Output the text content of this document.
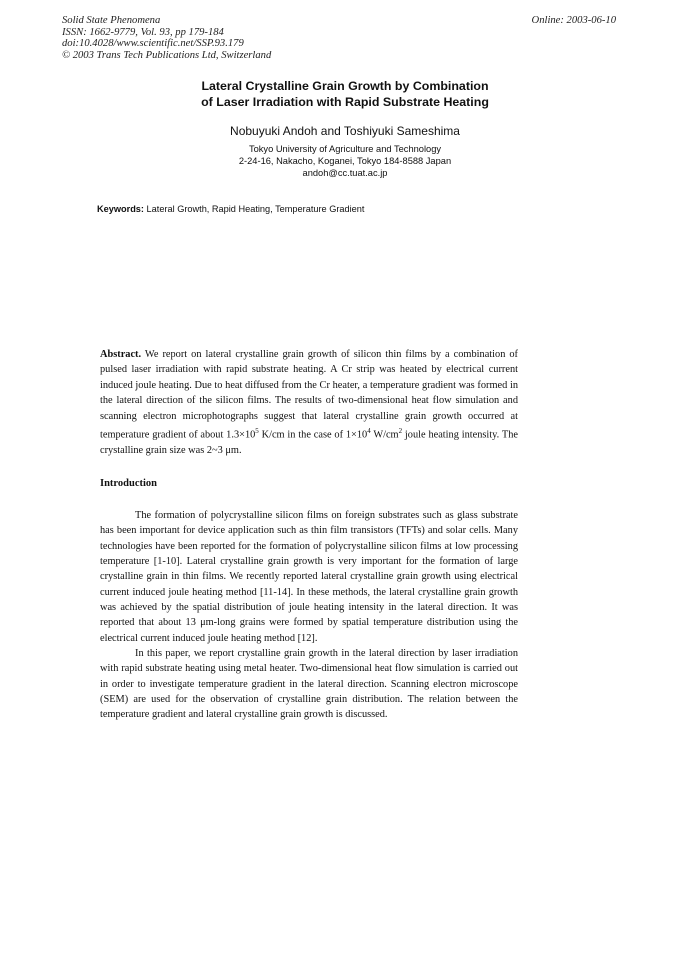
Solid State Phenomena
ISSN: 1662-9779, Vol. 93, pp 179-184
doi:10.4028/www.scientific.net/SSP.93.179
© 2003 Trans Tech Publications Ltd, Switzerland
Online: 2003-06-10
Lateral Crystalline Grain Growth by Combination
of Laser Irradiation with Rapid Substrate Heating
Nobuyuki Andoh and Toshiyuki Sameshima
Tokyo University of Agriculture and Technology
2-24-16, Nakacho, Koganei, Tokyo 184-8588 Japan
andoh@cc.tuat.ac.jp
Keywords: Lateral Growth, Rapid Heating, Temperature Gradient
Abstract. We report on lateral crystalline grain growth of silicon thin films by a combination of pulsed laser irradiation with rapid substrate heating. A Cr strip was heated by electrical current induced joule heating. Due to heat diffused from the Cr heater, a temperature gradient was formed in the lateral direction of the silicon films. The results of two-dimensional heat flow simulation and scanning electron microphotographs suggest that lateral crystalline grain growth occurred at temperature gradient of about $1.3\times 10^5$ K/cm in the case of $1\times 10^4$ $W/cm^2$ joule heating intensity. The crystalline grain size was 2~3 μm.
Introduction

The formation of polycrystalline silicon films on foreign substrates such as glass substrate has been important for device application such as thin film transistors (TFTs) and solar cells. Many technologies have been reported for the formation of polycrystalline silicon films at low processing temperature [1-10]. Lateral crystalline grain growth is very important for the formation of large crystalline grain in thin films. We recently reported lateral crystalline grain growth using electrical current induced joule heating method [11-14]. In these methods, the lateral crystalline grain growth was achieved by the spatial distribution of joule heating intensity in the lateral direction. It was reported that about 13 μm-long grains were formed by spatial temperature distribution using the electrical current induced joule heating method [12].

In this paper, we report crystalline grain growth in the lateral direction by laser irradiation with rapid substrate heating using metal heater. Two-dimensional heat flow simulation is carried out in order to investigate temperature gradient in the lateral direction. Scanning electron microscope (SEM) are used for the observation of crystalline grain distribution. The relation between the temperature gradient and lateral crystalline grain growth is discussed.
